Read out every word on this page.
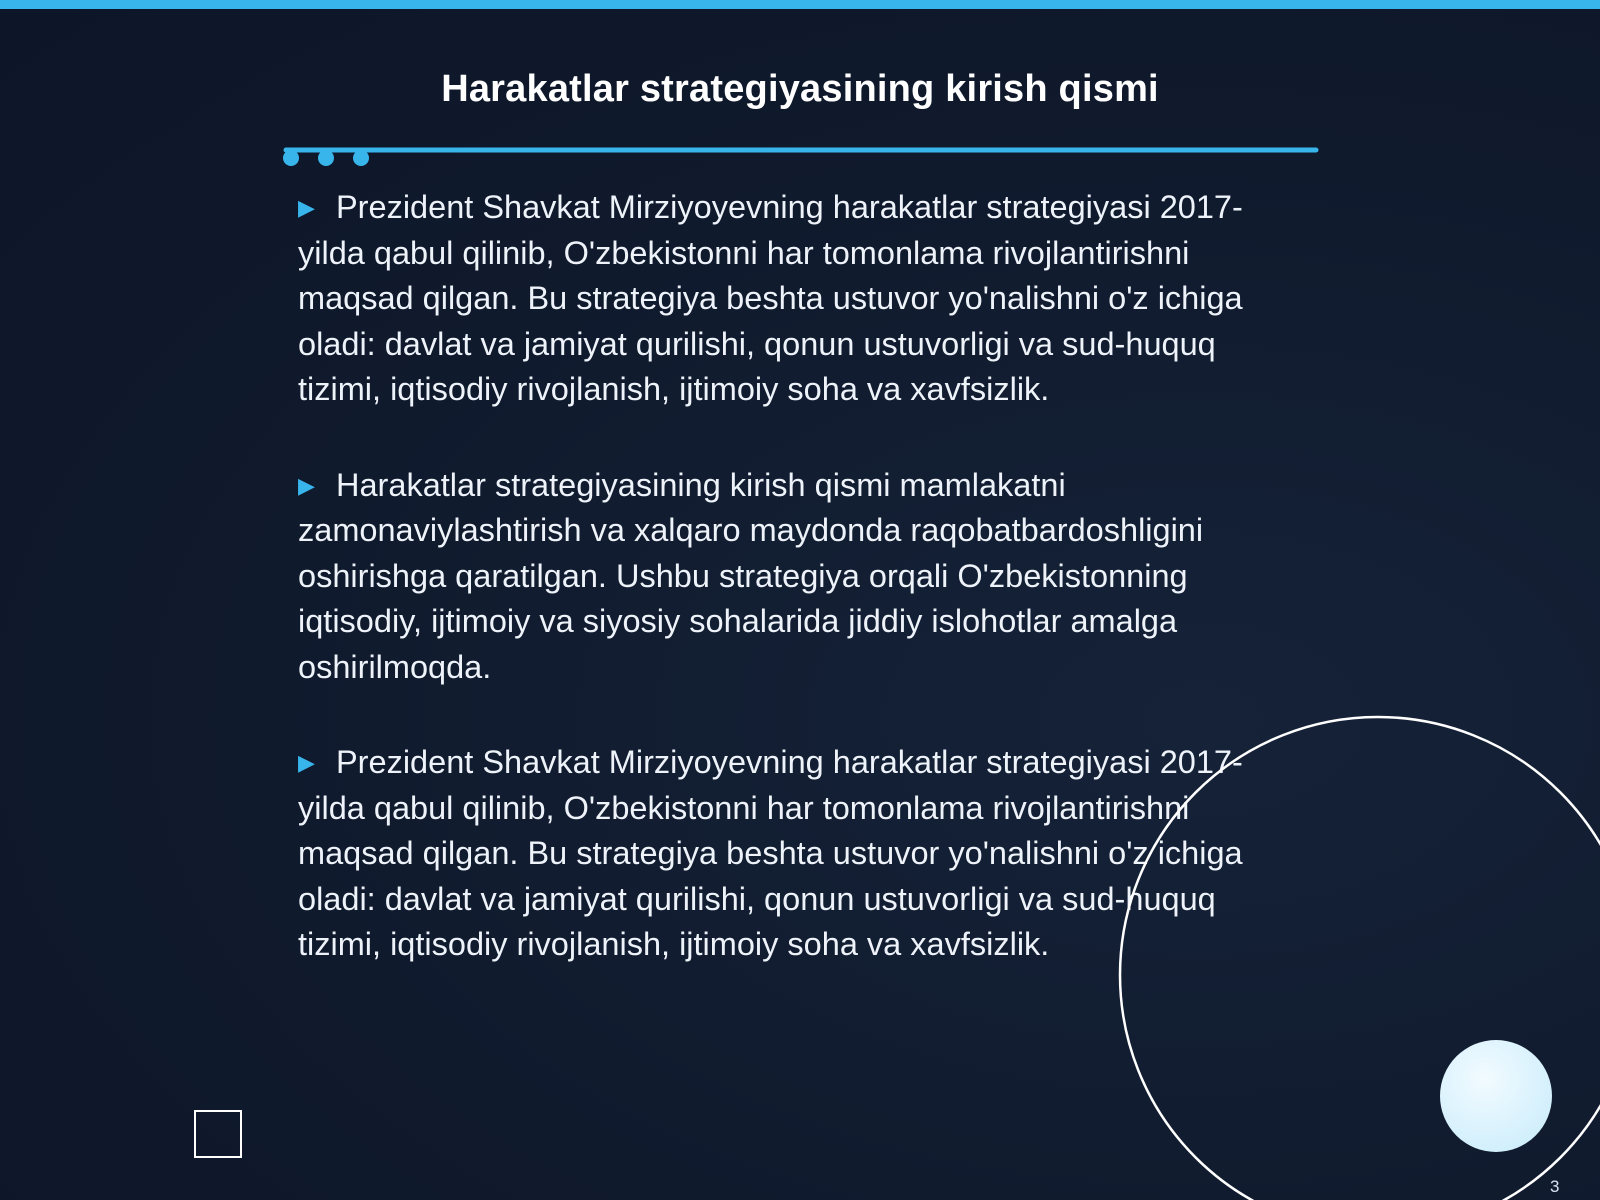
Harakatlar strategiyasining kirish qismi

▶ Prezident Shavkat Mirziyoyevning harakatlar strategiyasi 2017-yilda qabul qilinib, O'zbekistonni har tomonlama rivojlantirishni maqsad qilgan. Bu strategiya beshta ustuvor yo'nalishni o'z ichiga oladi: davlat va jamiyat qurilishi, qonun ustuvorligi va sud-huquq tizimi, iqtisodiy rivojlanish, ijtimoiy soha va xavfsizlik.

▶ Harakatlar strategiyasining kirish qismi mamlakatni zamonaviylashtirish va xalqaro maydonda raqobatbardoshligini oshirishga qaratilgan. Ushbu strategiya orqali O'zbekistonning iqtisodiy, ijtimoiy va siyosiy sohalarida jiddiy islohotlar amalga oshirilmoqda.

▶ Prezident Shavkat Mirziyoyevning harakatlar strategiyasi 2017-yilda qabul qilinib, O'zbekistonni har tomonlama rivojlantirishni maqsad qilgan. Bu strategiya beshta ustuvor yo'nalishni o'z ichiga oladi: davlat va jamiyat qurilishi, qonun ustuvorligi va sud-huquq tizimi, iqtisodiy rivojlanish, ijtimoiy soha va xavfsizlik.

3
